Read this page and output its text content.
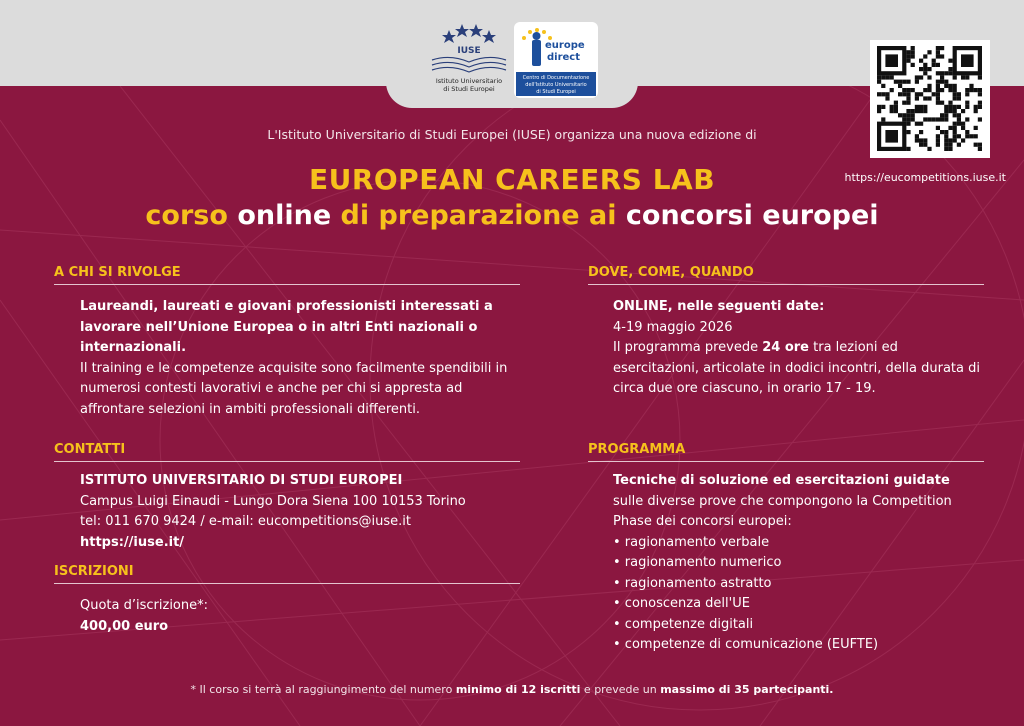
IUSE
Istituto Universitario
di Studi Europei
europe
direct
Centro di Documentazione
dell'Istituto Universitario
di Studi Europei
https://eucompetitions.iuse.it
L'Istituto Universitario di Studi Europei (IUSE) organizza una nuova edizione di
EUROPEAN CAREERS LAB
corso online di preparazione ai concorsi europei
A CHI SI RIVOLGE

Laureandi, laureati e giovani professionisti interessati a lavorare nell’Unione Europea o in altri Enti nazionali o internazionali.

Il training e le competenze acquisite sono facilmente spendibili in numerosi contesti lavorativi e anche per chi si appresta ad affrontare selezioni in ambiti professionali differenti.

DOVE, COME, QUANDO

ONLINE, nelle seguenti date:

4-19 maggio 2026

Il programma prevede 24 ore tra lezioni ed esercitazioni, articolate in dodici incontri, della durata di circa due ore ciascuno, in orario 17 - 19.

CONTATTI

ISTITUTO UNIVERSITARIO DI STUDI EUROPEI

Campus Luigi Einaudi - Lungo Dora Siena 100 10153 Torino

tel: 011 670 9424 / e-mail: eucompetitions@iuse.it

https://iuse.it/

ISCRIZIONI

Quota d’iscrizione*:

400,00 euro

PROGRAMMA

Tecniche di soluzione ed esercitazioni guidate sulle diverse prove che compongono la Competition Phase dei concorsi europei:

• ragionamento verbale

• ragionamento numerico

• ragionamento astratto

• conoscenza dell'UE

• competenze digitali

• competenze di comunicazione (EUFTE)

* Il corso si terrà al raggiungimento del numero minimo di 12 iscritti e prevede un massimo di 35 partecipanti.
